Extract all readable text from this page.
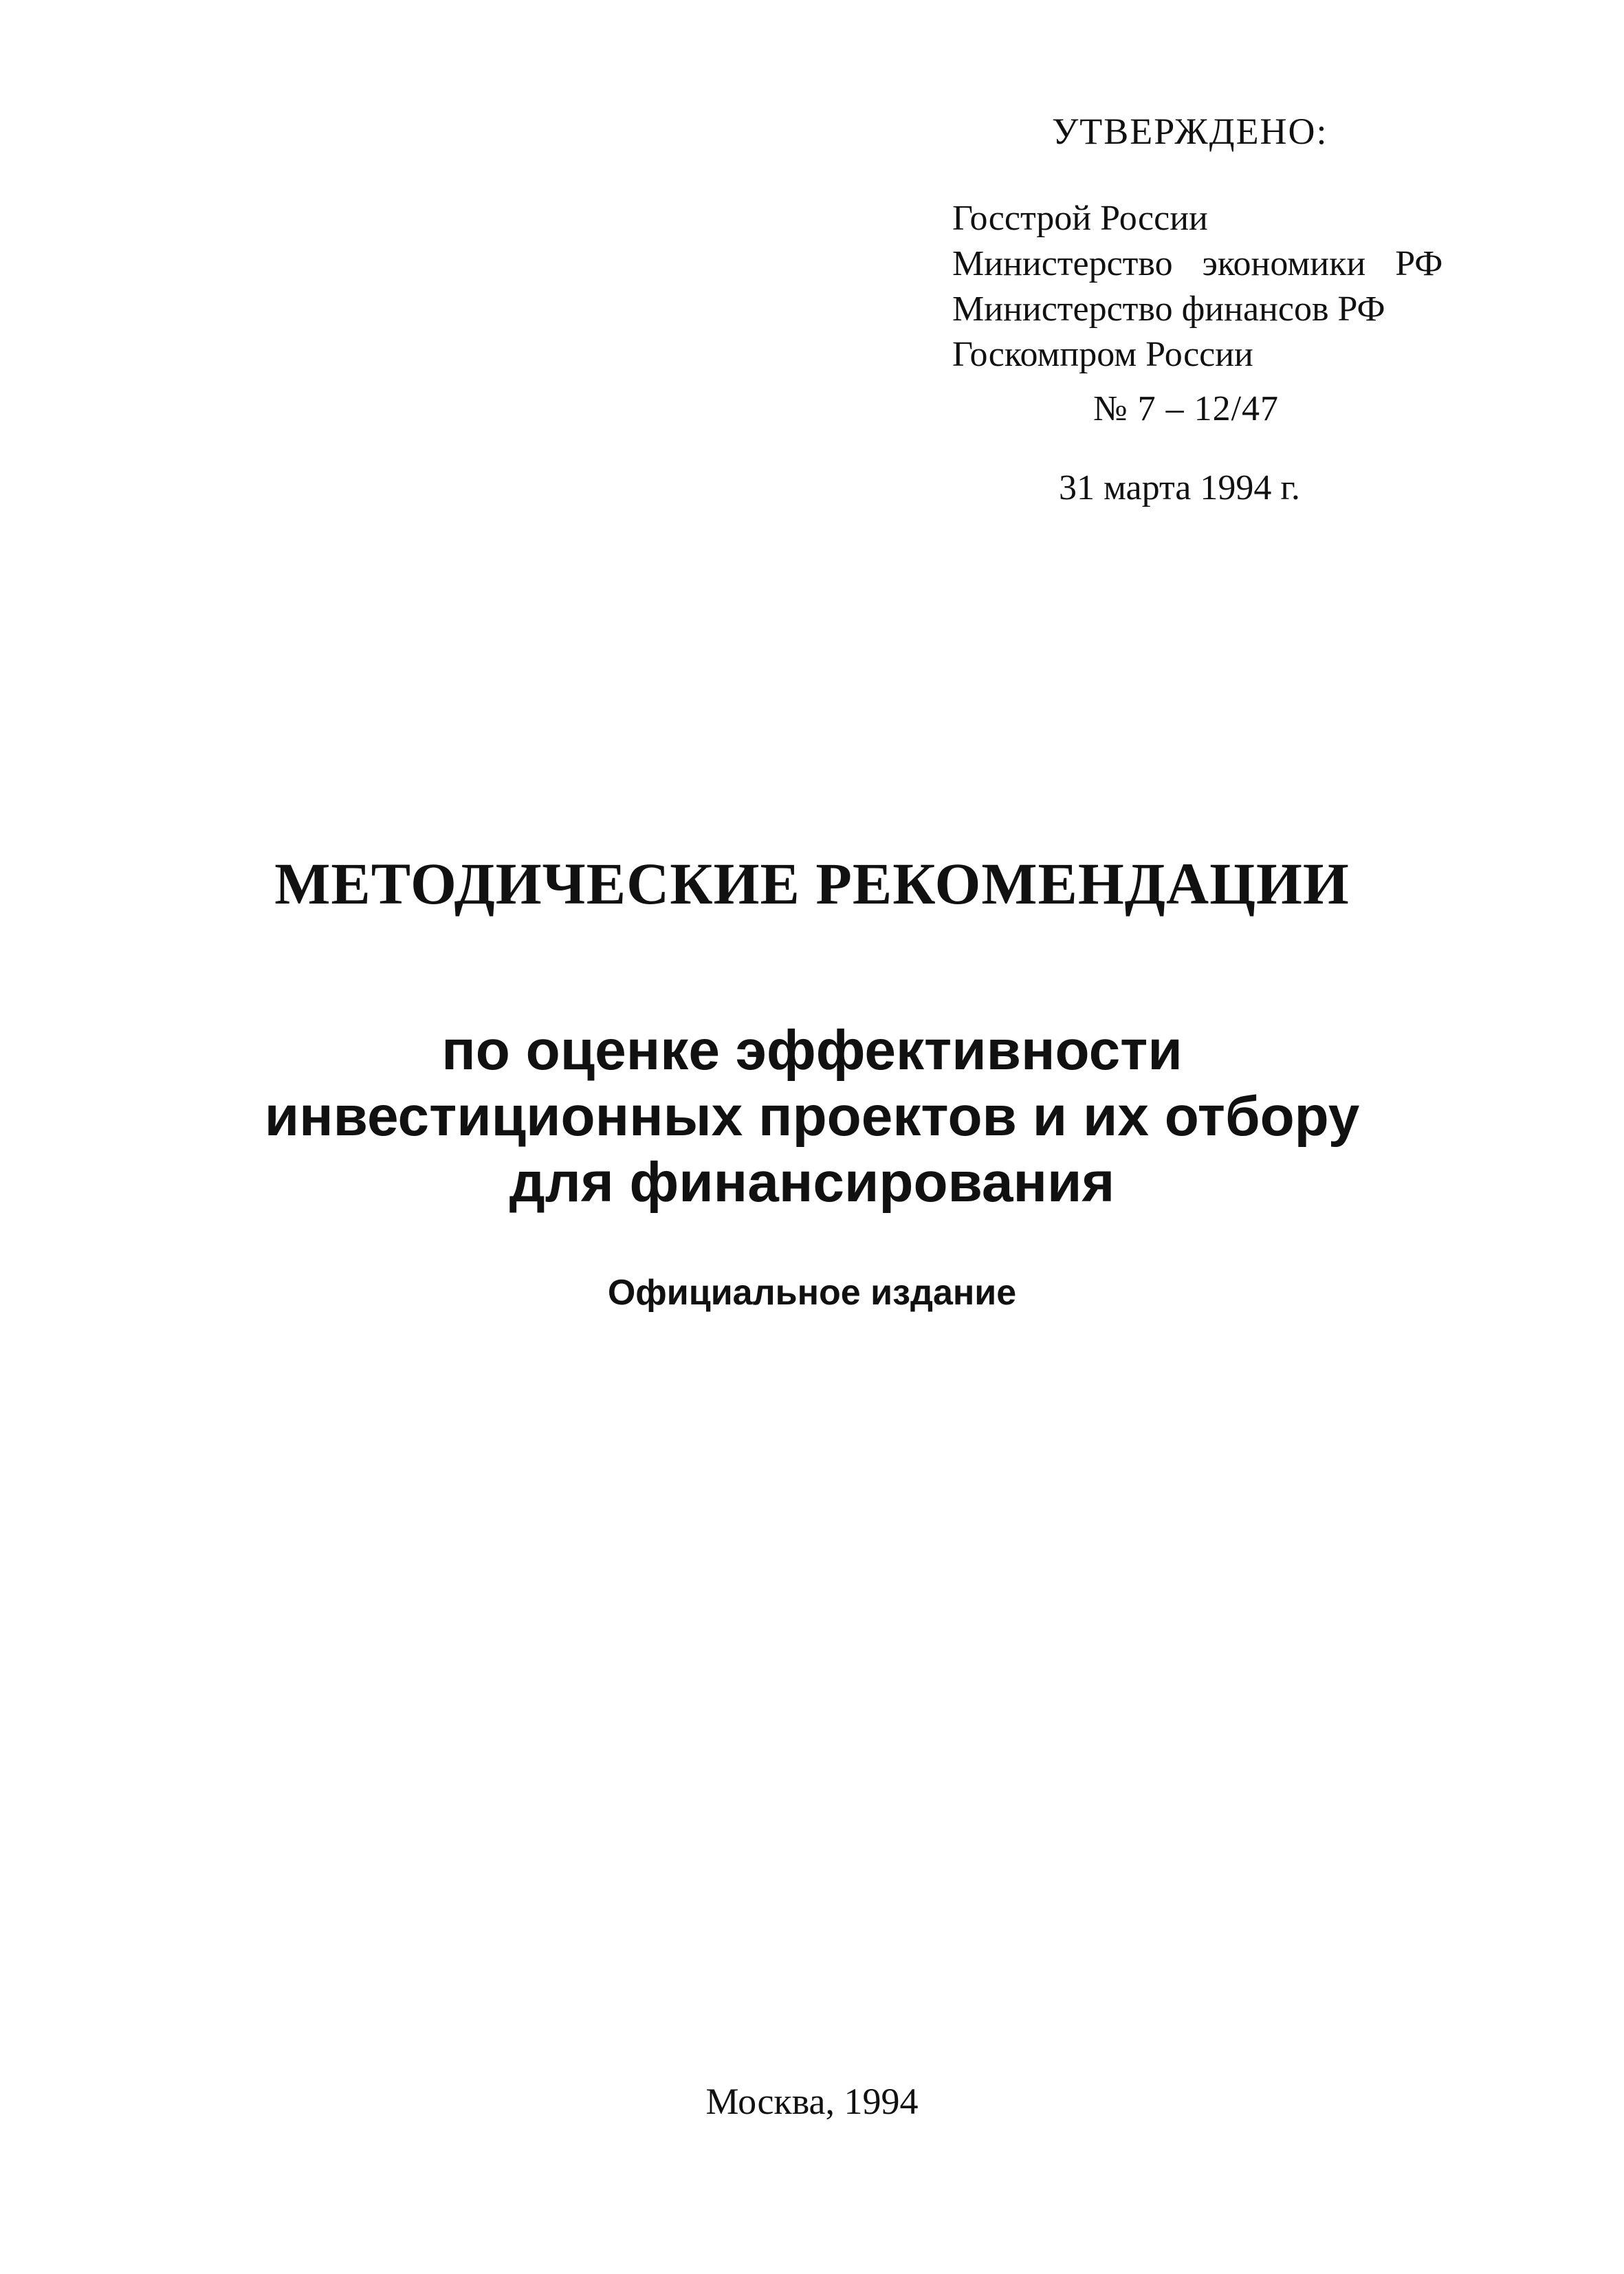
УТВЕРЖДЕНО:
Госстрой России
Министерство экономики РФ
Министерство финансов РФ
Госкомпром России
№ 7 – 12/47
31 марта 1994 г.
МЕТОДИЧЕСКИЕ РЕКОМЕНДАЦИИ
по оценке эффективности
инвестиционных проектов и их отбору
для финансирования
Официальное издание
Москва, 1994
